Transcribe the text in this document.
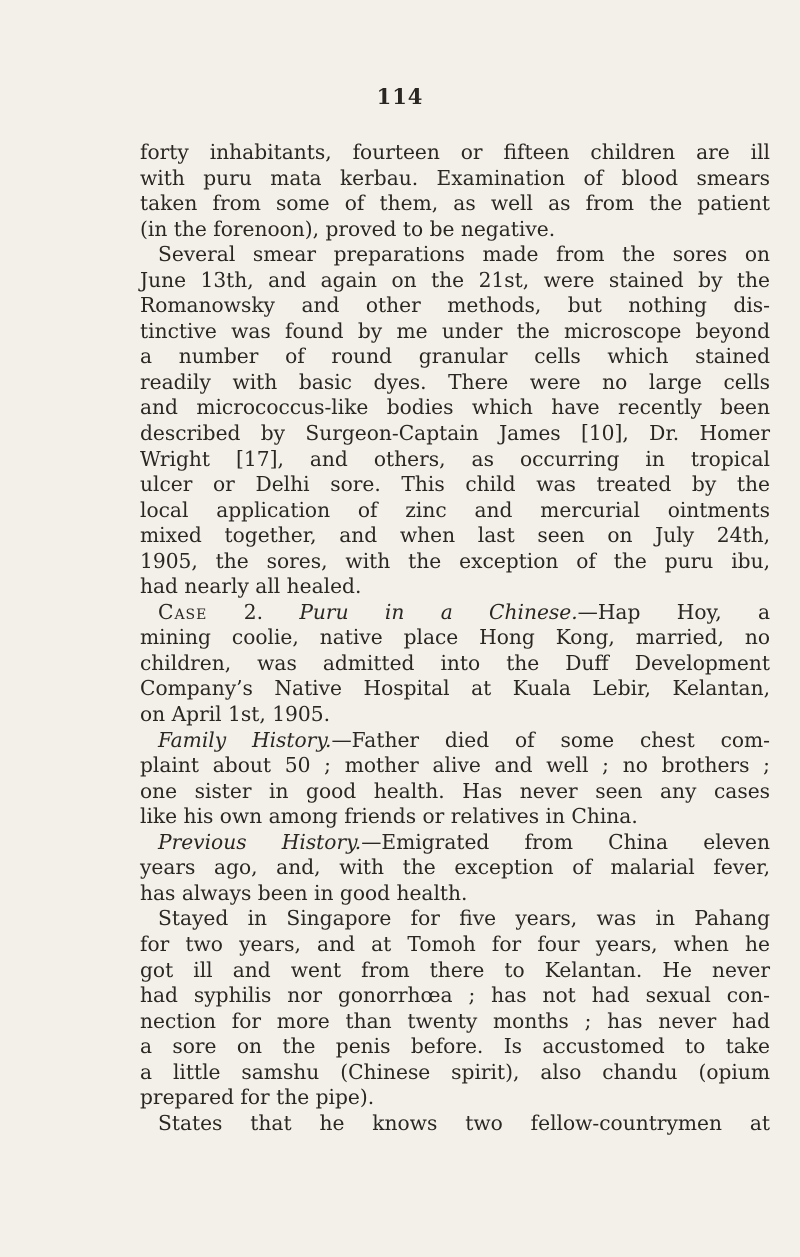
114
forty inhabitants, fourteen or fifteen children are ill
with puru mata kerbau. Examination of blood smears
taken from some of them, as well as from the patient
(in the forenoon), proved to be negative.
Several smear preparations made from the sores on
June 13th, and again on the 21st, were stained by the
Romanowsky and other methods, but nothing dis-
tinctive was found by me under the microscope beyond
a number of round granular cells which stained
readily with basic dyes. There were no large cells
and micrococcus-like bodies which have recently been
described by Surgeon-Captain James [10], Dr. Homer
Wright [17], and others, as occurring in tropical
ulcer or Delhi sore. This child was treated by the
local application of zinc and mercurial ointments
mixed together, and when last seen on July 24th,
1905, the sores, with the exception of the puru ibu,
had nearly all healed.
Case 2. Puru in a Chinese.—Hap Hoy, a
mining coolie, native place Hong Kong, married, no
children, was admitted into the Duff Development
Company’s Native Hospital at Kuala Lebir, Kelantan,
on April 1st, 1905.
Family History.—Father died of some chest com-
plaint about 50 ; mother alive and well ; no brothers ;
one sister in good health. Has never seen any cases
like his own among friends or relatives in China.
Previous History.—Emigrated from China eleven
years ago, and, with the exception of malarial fever,
has always been in good health.
Stayed in Singapore for five years, was in Pahang
for two years, and at Tomoh for four years, when he
got ill and went from there to Kelantan. He never
had syphilis nor gonorrhœa ; has not had sexual con-
nection for more than twenty months ; has never had
a sore on the penis before. Is accustomed to take
a little samshu (Chinese spirit), also chandu (opium
prepared for the pipe).
States that he knows two fellow-countrymen at
